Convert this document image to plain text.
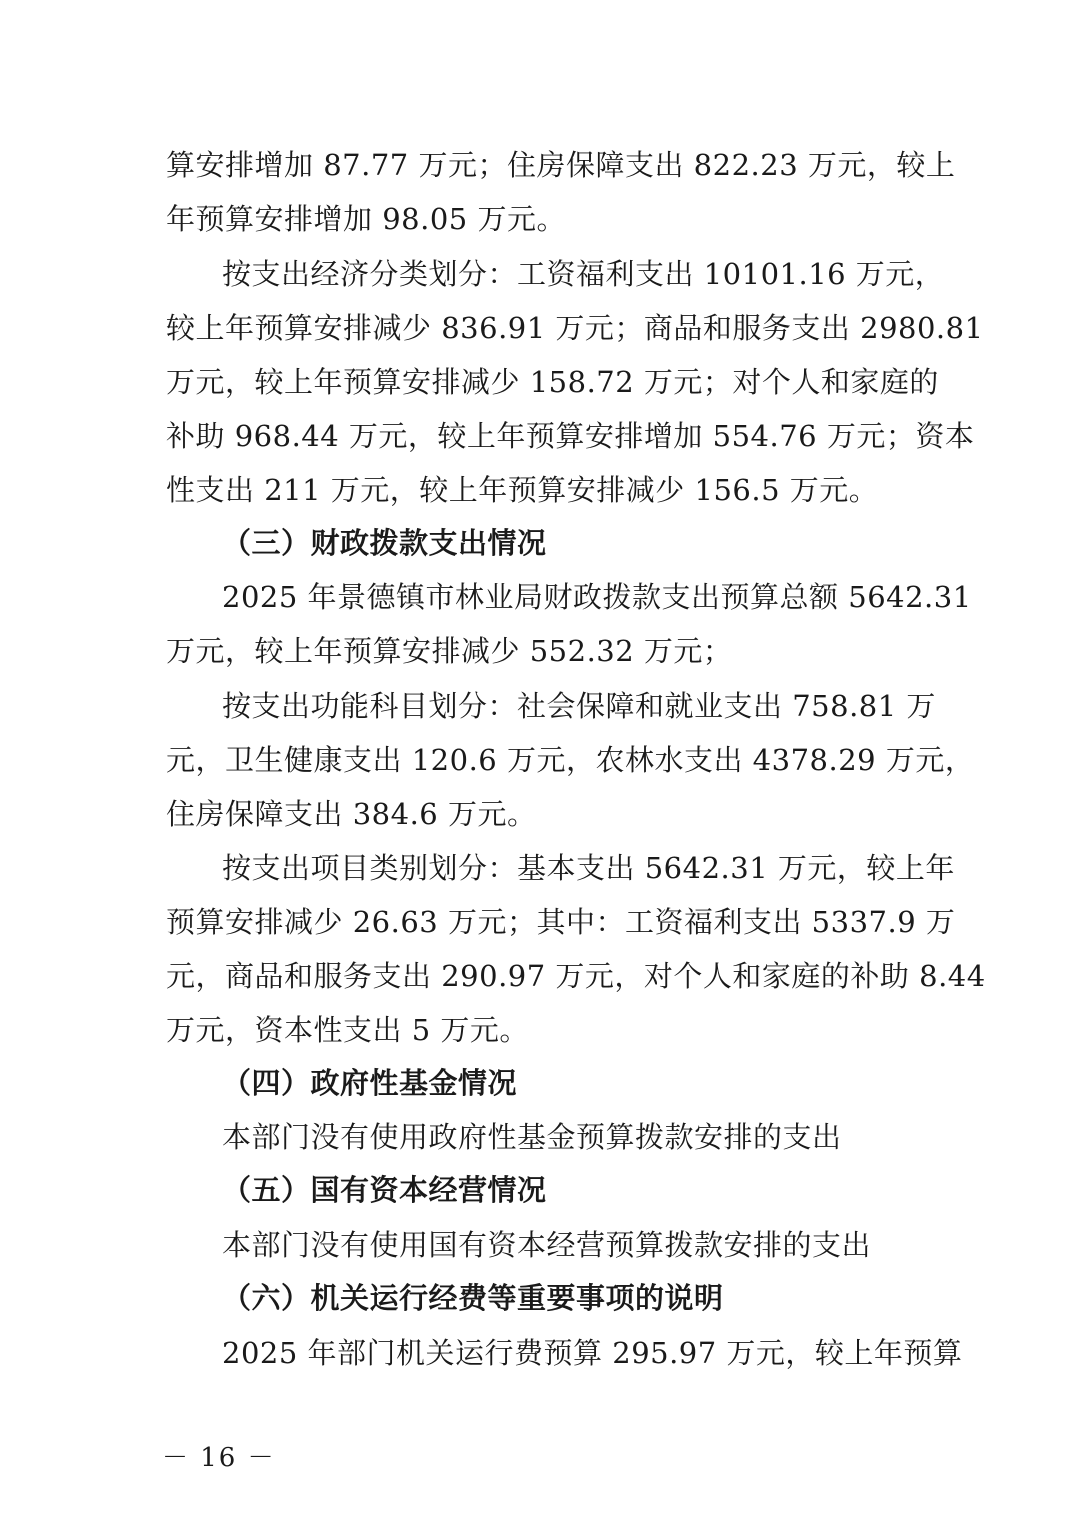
算安排增加 87.77 万元；住房保障支出 822.23 万元，较上
年预算安排增加 98.05 万元。
按支出经济分类划分：工资福利支出 10101.16 万元，
较上年预算安排减少 836.91 万元；商品和服务支出 2980.81
万元，较上年预算安排减少 158.72 万元；对个人和家庭的
补助 968.44 万元，较上年预算安排增加 554.76 万元；资本
性支出 211 万元，较上年预算安排减少 156.5 万元。
（三）财政拨款支出情况
2025 年景德镇市林业局财政拨款支出预算总额 5642.31
万元，较上年预算安排减少 552.32 万元；
按支出功能科目划分：社会保障和就业支出 758.81 万
元，卫生健康支出 120.6 万元，农林水支出 4378.29 万元，
住房保障支出 384.6 万元。
按支出项目类别划分：基本支出 5642.31 万元，较上年
预算安排减少 26.63 万元；其中：工资福利支出 5337.9 万
元，商品和服务支出 290.97 万元，对个人和家庭的补助 8.44
万元，资本性支出 5 万元。
（四）政府性基金情况
本部门没有使用政府性基金预算拨款安排的支出
（五）国有资本经营情况
本部门没有使用国有资本经营预算拨款安排的支出
（六）机关运行经费等重要事项的说明
2025 年部门机关运行费预算 295.97 万元，较上年预算
－ 16 －
